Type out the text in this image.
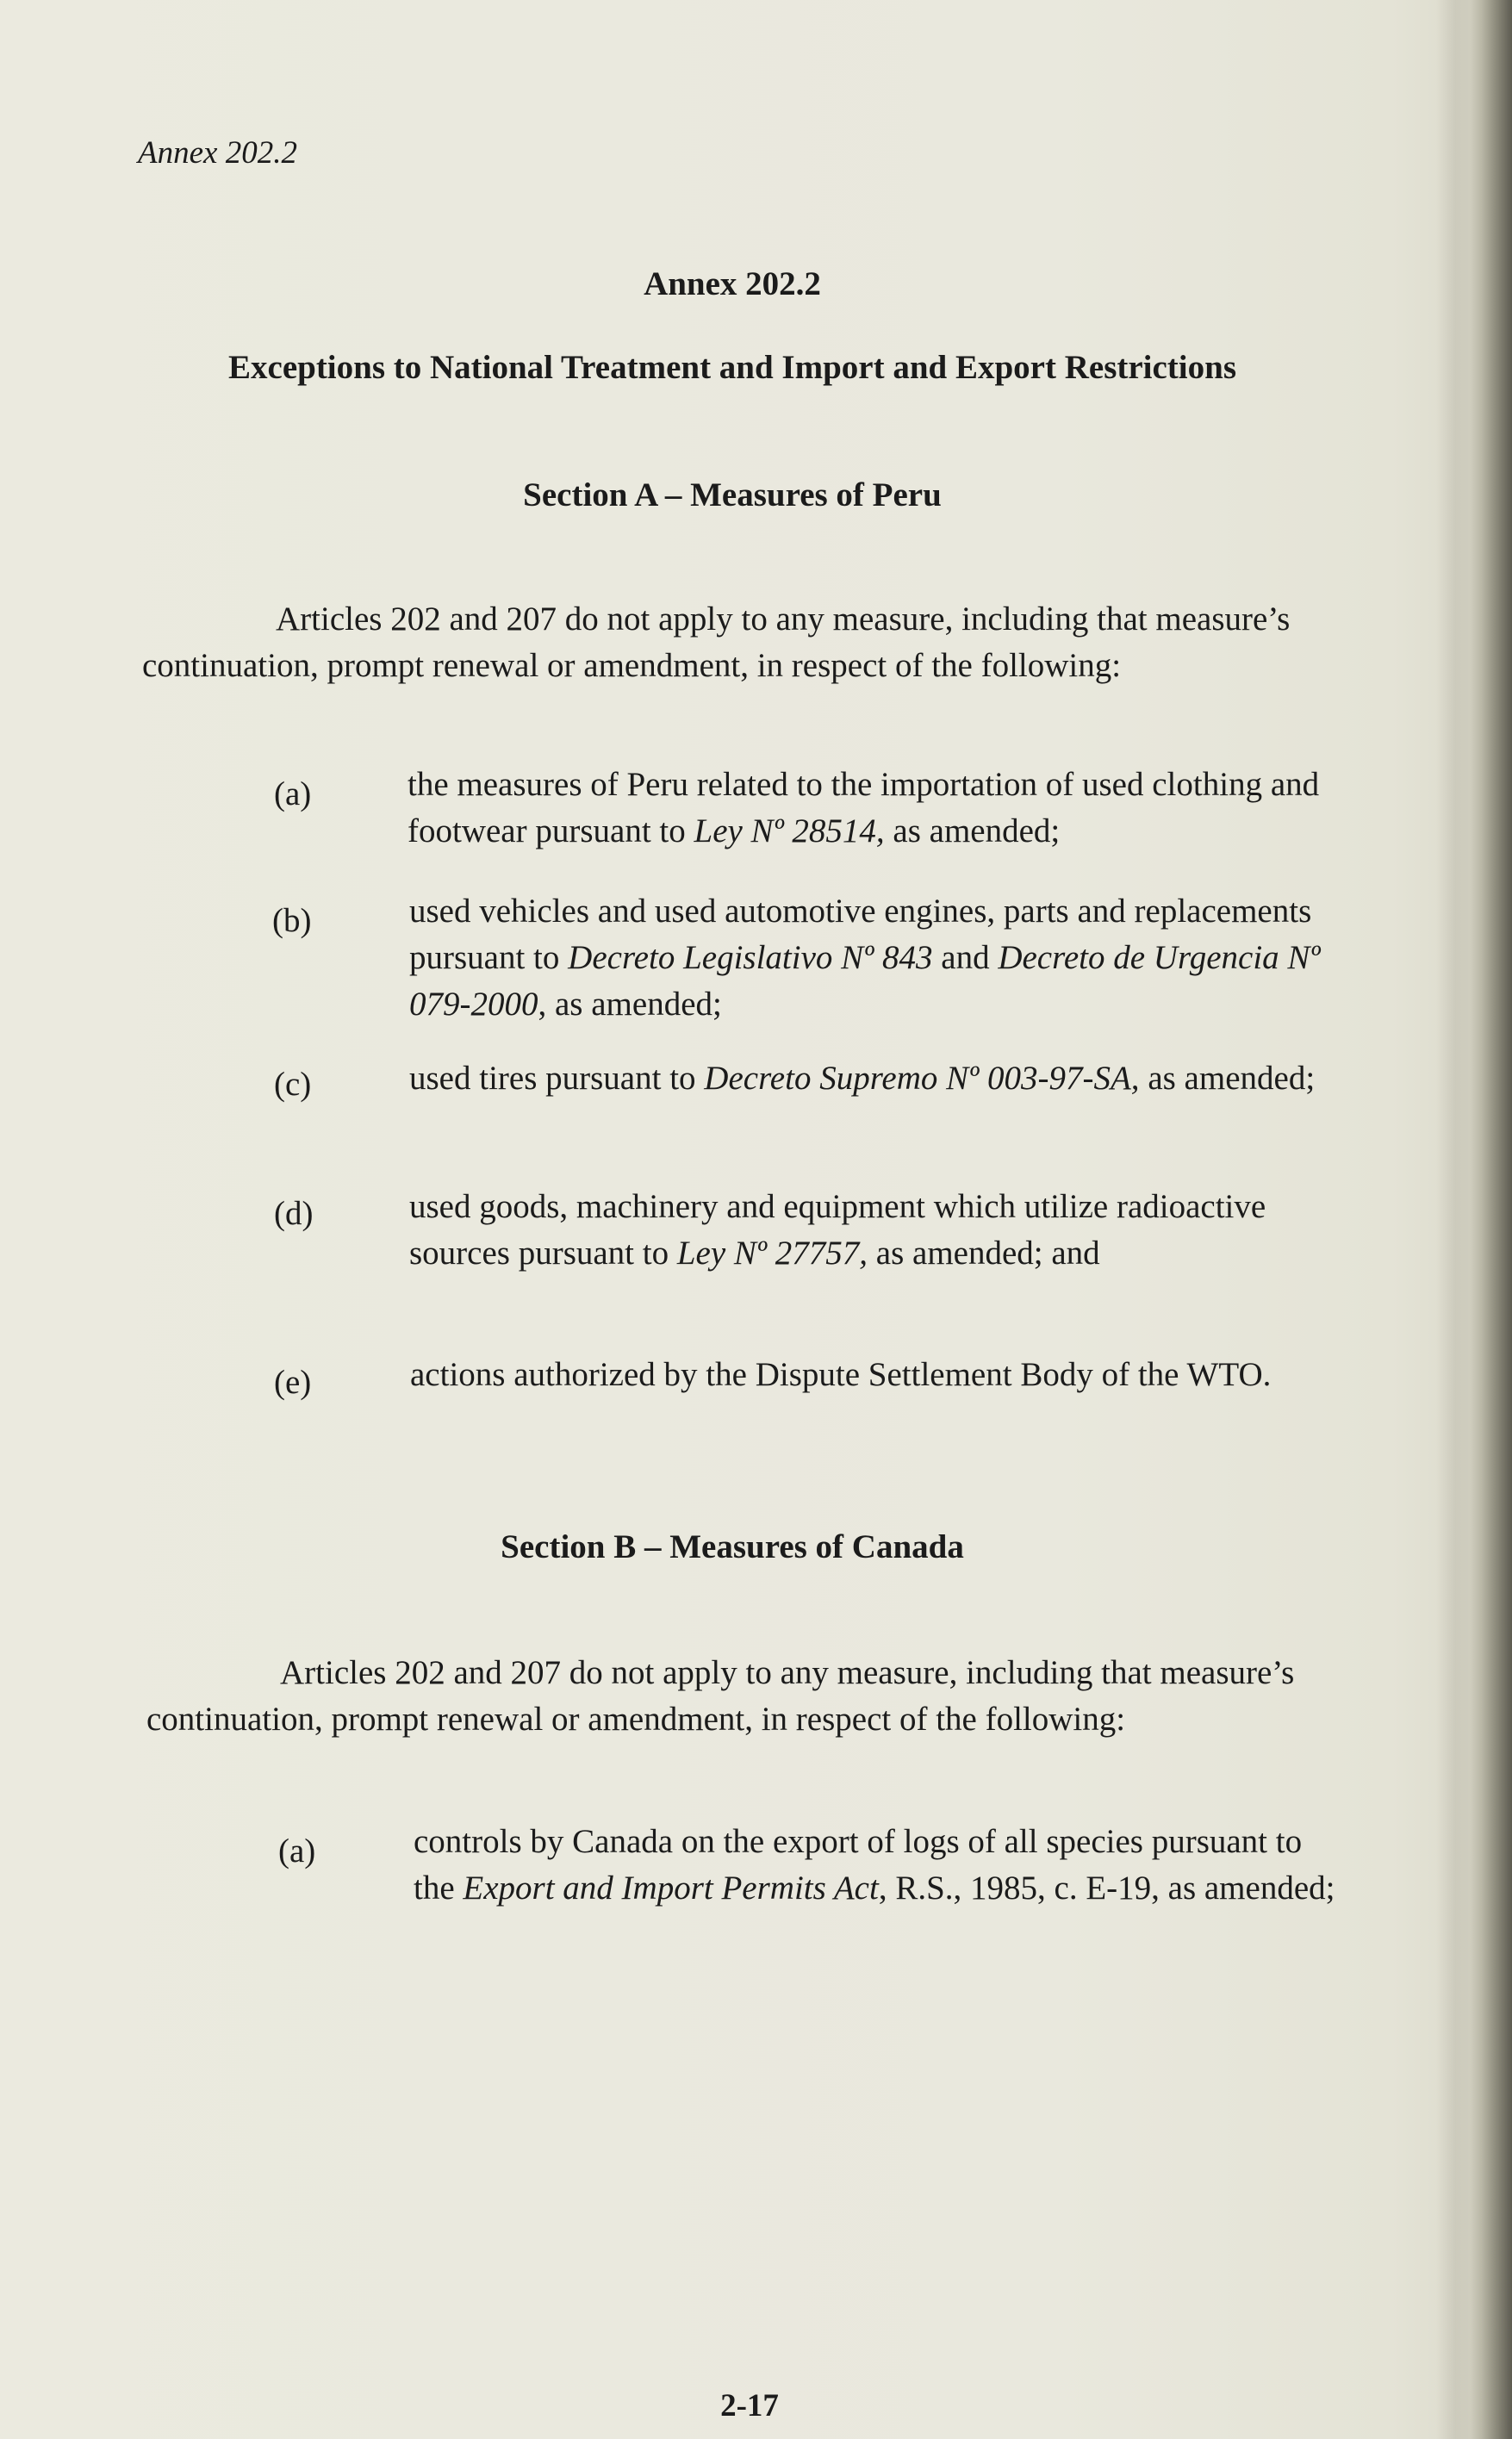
Annex 202.2

Annex 202.2

Exceptions to National Treatment and Import and Export Restrictions

Section A – Measures of Peru

Articles 202 and 207 do not apply to any measure, including that measure’s continuation, prompt renewal or amendment, in respect of the following:

(a)	the measures of Peru related to the importation of used clothing and footwear pursuant to Ley Nº 28514, as amended;

(b)	used vehicles and used automotive engines, parts and replacements pursuant to Decreto Legislativo Nº 843 and Decreto de Urgencia Nº 079-2000, as amended;

(c)	used tires pursuant to Decreto Supremo Nº 003-97-SA, as amended;

(d)	used goods, machinery and equipment which utilize radioactive sources pursuant to Ley Nº 27757, as amended; and

(e)	actions authorized by the Dispute Settlement Body of the WTO.

Section B – Measures of Canada

Articles 202 and 207 do not apply to any measure, including that measure’s continuation, prompt renewal or amendment, in respect of the following:

(a)	controls by Canada on the export of logs of all species pursuant to the Export and Import Permits Act, R.S., 1985, c. E-19, as amended;

2-17
